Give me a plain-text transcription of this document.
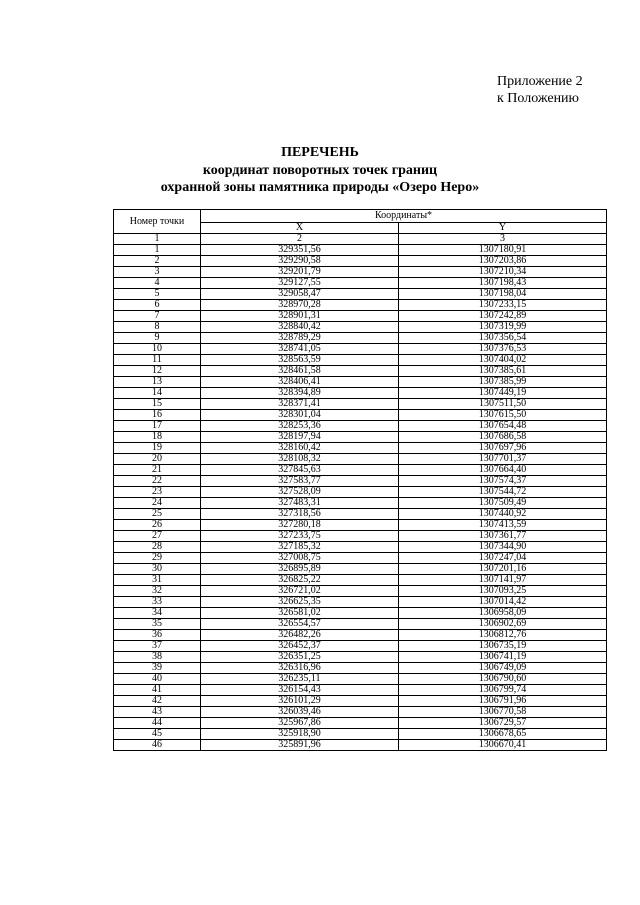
Приложение 2
к Положению
ПЕРЕЧЕНЬ
координат поворотных точек границ
охранной зоны памятника природы «Озеро Неро»
Номер точки	Координаты*	
	X	Y
1	2	3
1	329351,56	1307180,91
2	329290,58	1307203,86
3	329201,79	1307210,34
4	329127,55	1307198,43
5	329058,47	1307198,04
6	328970,28	1307233,15
7	328901,31	1307242,89
8	328840,42	1307319,99
9	328789,29	1307356,54
10	328741,05	1307376,53
11	328563,59	1307404,02
12	328461,58	1307385,61
13	328406,41	1307385,99
14	328394,89	1307449,19
15	328371,41	1307511,50
16	328301,04	1307615,50
17	328253,36	1307654,48
18	328197,94	1307686,58
19	328160,42	1307697,96
20	328108,32	1307701,37
21	327845,63	1307664,40
22	327583,77	1307574,37
23	327528,09	1307544,72
24	327483,31	1307509,49
25	327318,56	1307440,92
26	327280,18	1307413,59
27	327233,75	1307361,77
28	327185,32	1307344,90
29	327008,75	1307247,04
30	326895,89	1307201,16
31	326825,22	1307141,97
32	326721,02	1307093,25
33	326625,35	1307014,42
34	326581,02	1306958,09
35	326554,57	1306902,69
36	326482,26	1306812,76
37	326452,37	1306735,19
38	326351,25	1306741,19
39	326316,96	1306749,09
40	326235,11	1306790,60
41	326154,43	1306799,74
42	326101,29	1306791,96
43	326039,46	1306770,58
44	325967,86	1306729,57
45	325918,90	1306678,65
46	325891,96	1306670,41
